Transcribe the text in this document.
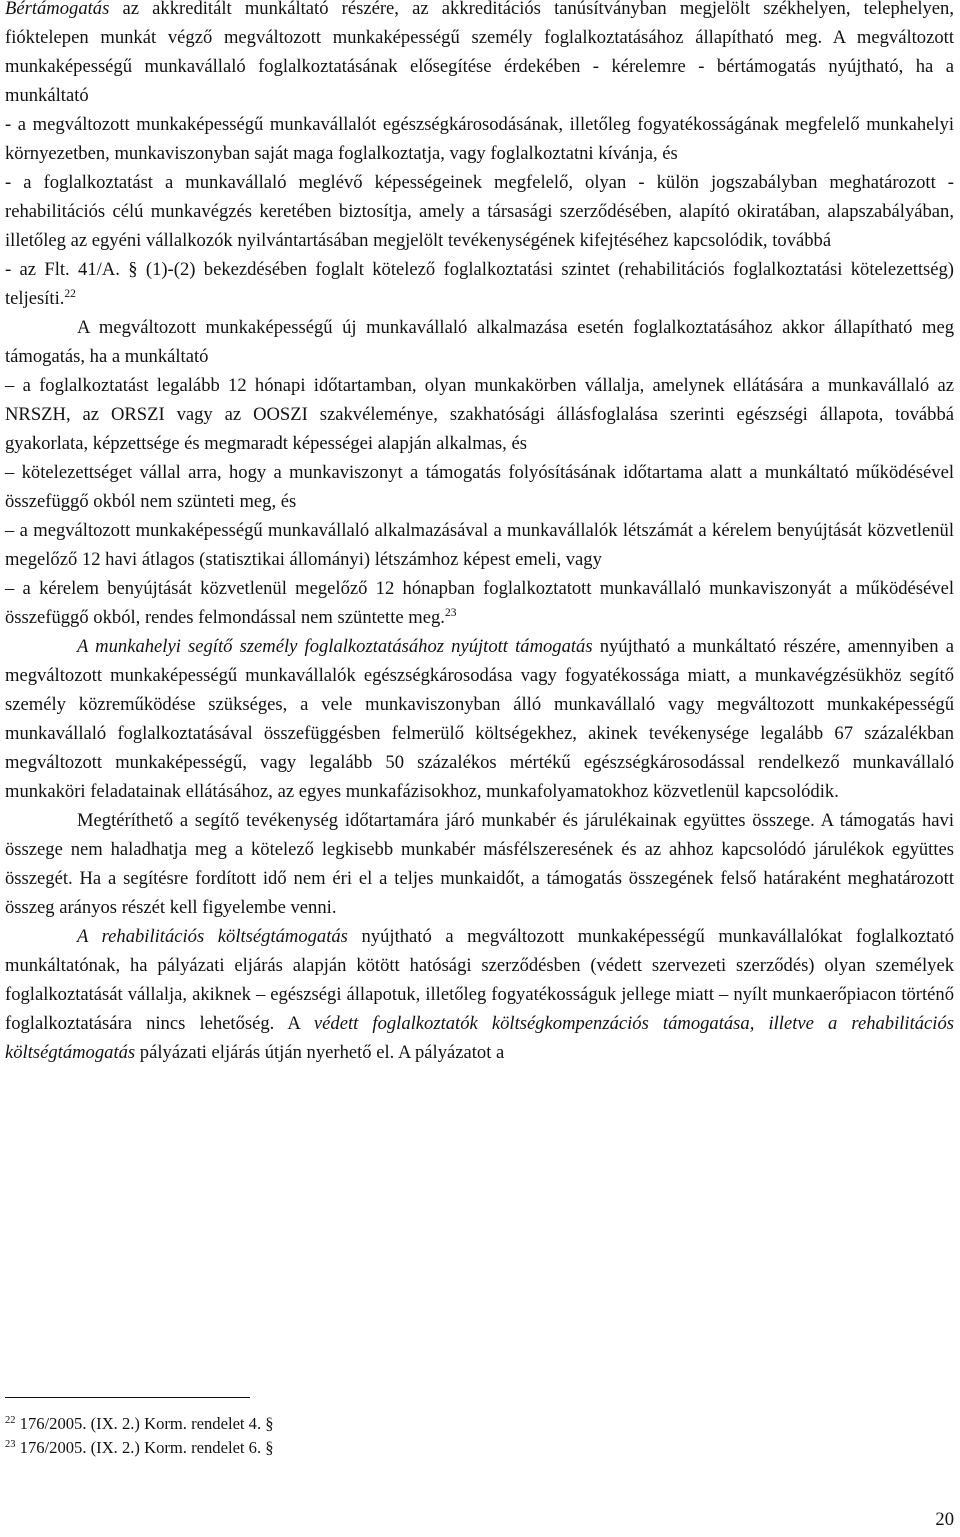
Bértámogatás az akkreditált munkáltató részére, az akkreditációs tanúsítványban megjelölt székhelyen, telephelyen, fióktelepen munkát végző megváltozott munkaképességű személy foglalkoztatásához állapítható meg. A megváltozott munkaképességű munkavállaló foglalkoztatásának elősegítése érdekében - kérelemre - bértámogatás nyújtható, ha a munkáltató

- a megváltozott munkaképességű munkavállalót egészségkárosodásának, illetőleg fogyatékosságának megfelelő munkahelyi környezetben, munkaviszonyban saját maga foglalkoztatja, vagy foglalkoztatni kívánja, és

- a foglalkoztatást a munkavállaló meglévő képességeinek megfelelő, olyan - külön jogszabályban meghatározott - rehabilitációs célú munkavégzés keretében biztosítja, amely a társasági szerződésében, alapító okiratában, alapszabályában, illetőleg az egyéni vállalkozók nyilvántartásában megjelölt tevékenységének kifejtéséhez kapcsolódik, továbbá

- az Flt. 41/A. § (1)-(2) bekezdésében foglalt kötelező foglalkoztatási szintet (rehabilitációs foglalkoztatási kötelezettség) teljesíti.$^{22}$

A megváltozott munkaképességű új munkavállaló alkalmazása esetén foglalkoztatásához akkor állapítható meg támogatás, ha a munkáltató

– a foglalkoztatást legalább 12 hónapi időtartamban, olyan munkakörben vállalja, amelynek ellátására a munkavállaló az NRSZH, az ORSZI vagy az OOSZI szakvéleménye, szakhatósági állásfoglalása szerinti egészségi állapota, továbbá gyakorlata, képzettsége és megmaradt képességei alapján alkalmas, és

– kötelezettséget vállal arra, hogy a munkaviszonyt a támogatás folyósításának időtartama alatt a munkáltató működésével összefüggő okból nem szünteti meg, és

– a megváltozott munkaképességű munkavállaló alkalmazásával a munkavállalók létszámát a kérelem benyújtását közvetlenül megelőző 12 havi átlagos (statisztikai állományi) létszámhoz képest emeli, vagy

– a kérelem benyújtását közvetlenül megelőző 12 hónapban foglalkoztatott munkavállaló munkaviszonyát a működésével összefüggő okból, rendes felmondással nem szüntette meg.$^{23}$

A munkahelyi segítő személy foglalkoztatásához nyújtott támogatás nyújtható a munkáltató részére, amennyiben a megváltozott munkaképességű munkavállalók egészségkárosodása vagy fogyatékossága miatt, a munkavégzésükhöz segítő személy közreműködése szükséges, a vele munkaviszonyban álló munkavállaló vagy megváltozott munkaképességű munkavállaló foglalkoztatásával összefüggésben felmerülő költségekhez, akinek tevékenysége legalább 67 százalékban megváltozott munkaképességű, vagy legalább 50 százalékos mértékű egészségkárosodással rendelkező munkavállaló munkaköri feladatainak ellátásához, az egyes munkafázisokhoz, munkafolyamatokhoz közvetlenül kapcsolódik.

Megtéríthető a segítő tevékenység időtartamára járó munkabér és járulékainak együttes összege. A támogatás havi összege nem haladhatja meg a kötelező legkisebb munkabér másfélszeresének és az ahhoz kapcsolódó járulékok együttes összegét. Ha a segítésre fordított idő nem éri el a teljes munkaidőt, a támogatás összegének felső határaként meghatározott összeg arányos részét kell figyelembe venni.

A rehabilitációs költségtámogatás nyújtható a megváltozott munkaképességű munkavállalókat foglalkoztató munkáltatónak, ha pályázati eljárás alapján kötött hatósági szerződésben (védett szervezeti szerződés) olyan személyek foglalkoztatását vállalja, akiknek – egészségi állapotuk, illetőleg fogyatékosságuk jellege miatt – nyílt munkaerőpiacon történő foglalkoztatására nincs lehetőség. A védett foglalkoztatók költségkompenzációs támogatása, illetve a rehabilitációs költségtámogatás pályázati eljárás útján nyerhető el. A pályázatot a

$^{22}$ 176/2005. (IX. 2.) Korm. rendelet 4. §

$^{23}$ 176/2005. (IX. 2.) Korm. rendelet 6. §

20
